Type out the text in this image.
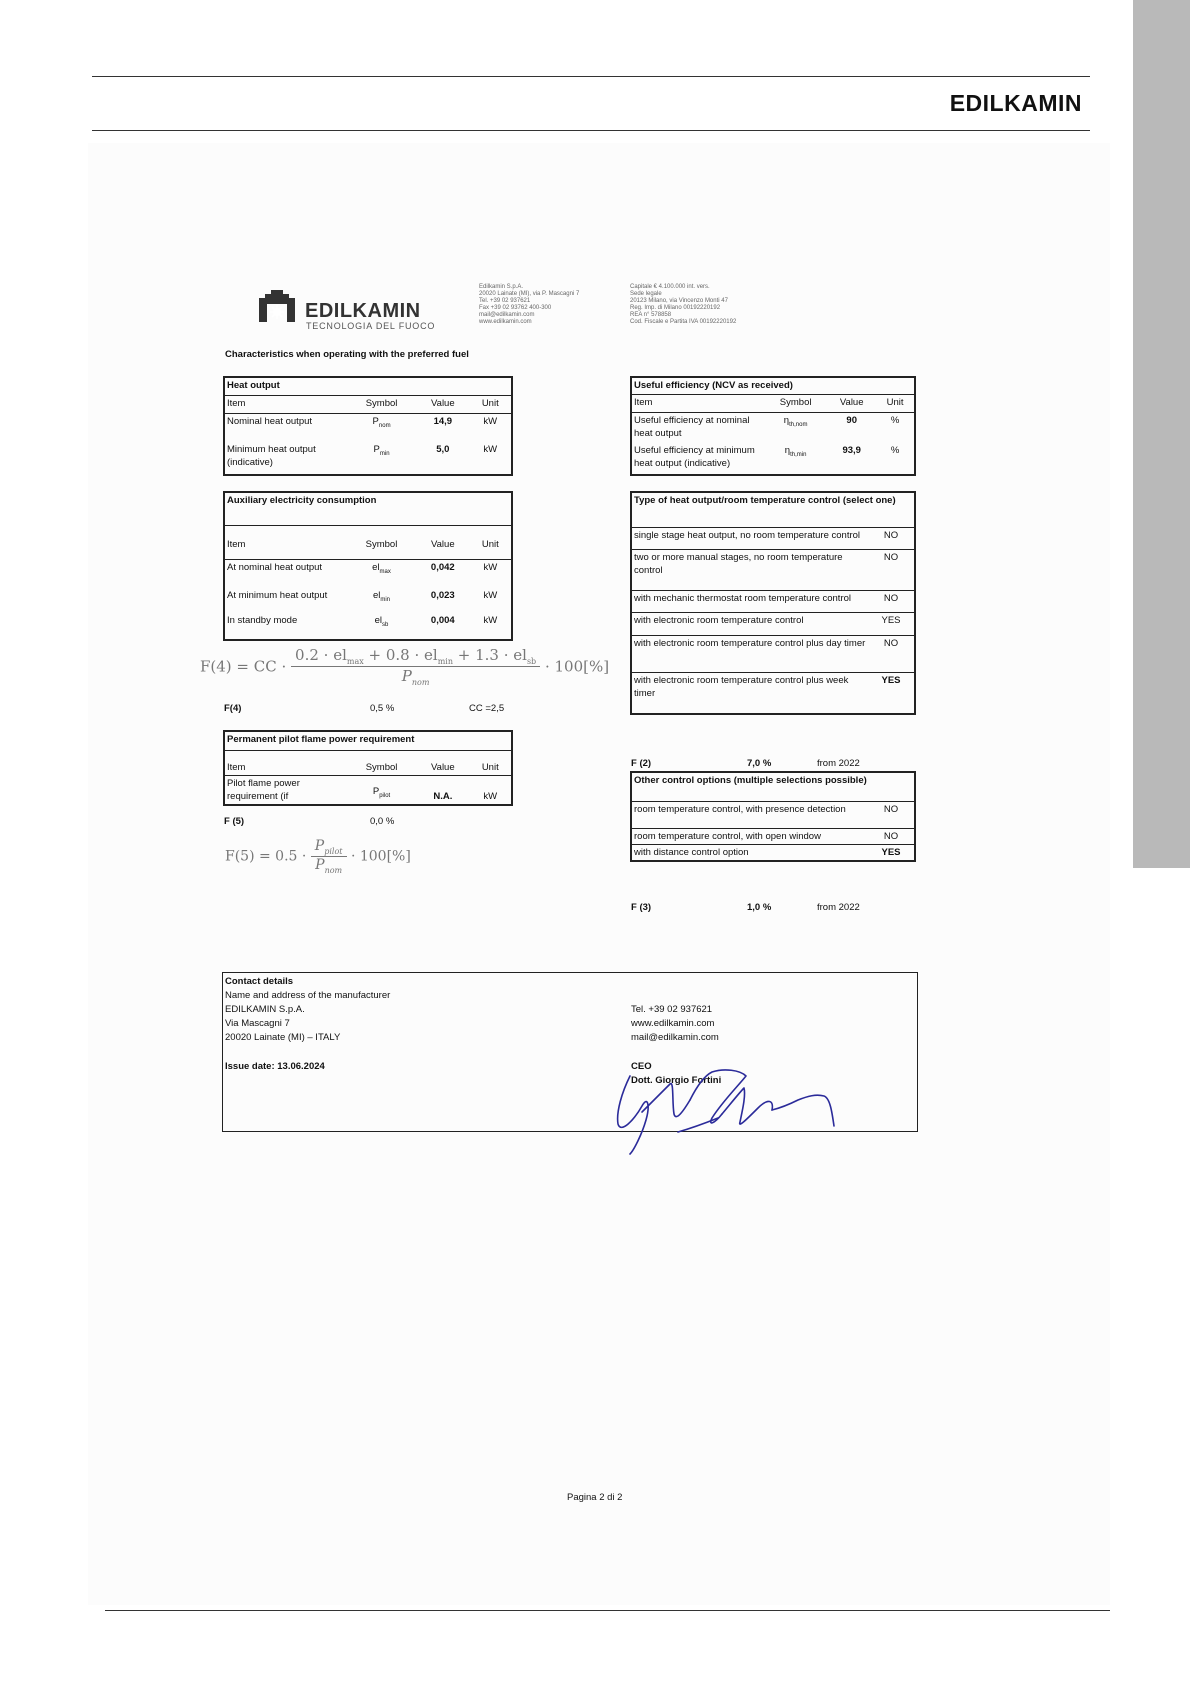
EDILKAMIN
EDILKAMIN
TECNOLOGIA DEL FUOCO
Edilkamin S.p.A.
20020 Lainate (MI), via P. Mascagni 7
Tel. +39 02 937621
Fax +39 02 93762 400-300
mail@edilkamin.com
www.edilkamin.com
Capitale € 4.100.000 int. vers.
Sede legale
20123 Milano, via Vincenzo Monti 47
Reg. Imp. di Milano 00192220192
REA n° 578858
Cod. Fiscale e Partita IVA 00192220192
Characteristics when operating with the preferred fuel
Heat output			
Item	Symbol	Value	Unit
Nominal heat output	$P_{nom}$	14,9	kW
Minimum heat output (indicative)	$P_{min}$	5,0	kW
Useful efficiency (NCV as received)			
Item	Symbol	Value	Unit
Useful efficiency at nominal heat output	$\eta_{th,nom}$	90	%
Useful efficiency at minimum heat output (indicative)	$\eta_{th,min}$	93,9	%
Auxiliary electricity consumption			
Item	Symbol	Value	Unit
At nominal heat output	$el_{max}$	0,042	kW
At minimum heat output	$el_{min}$	0,023	kW
In standby mode	$el_{sb}$	0,004	kW
Type of heat output/room temperature control (select one)	
single stage heat output, no room temperature control	NO
two or more manual stages, no room temperature control	NO
with mechanic thermostat room temperature control	NO
with electronic room temperature control	YES
with electronic room temperature control plus day timer	NO
with electronic room temperature control plus week timer	YES
F(4) = CC · $\frac{0.2 \cdot el_{max} + 0.8 \cdot el_{min} + 1.3 \cdot el_{sb}}{P_{nom}} \cdot 100[\%]$
F(4)	0,5 %	CC =2,5
Permanent pilot flame power requirement			
Item	Symbol	Value	Unit
Pilot flame power requirement (if	$P_{pilot}$	N.A.	kW
F (5)	0,0 %
$F(5) = 0.5 \cdot \frac{P_{pilot}}{P_{nom}} \cdot 100[\%]$
F (2)	7,0 %	from 2022
Other control options (multiple selections possible)	
room temperature control, with presence detection	NO
room temperature control, with open window	NO
with distance control option	YES
F (3)	1,0 %	from 2022
Contact details
Name and address of the manufacturer
EDILKAMIN S.p.A.
Via Mascagni 7
20020 Lainate (MI) – ITALY
Issue date: 13.06.2024
Tel. +39 02 937621
www.edilkamin.com
mail@edilkamin.com
CEO
Dott. Giorgio Fortini
Pagina 2 di 2
